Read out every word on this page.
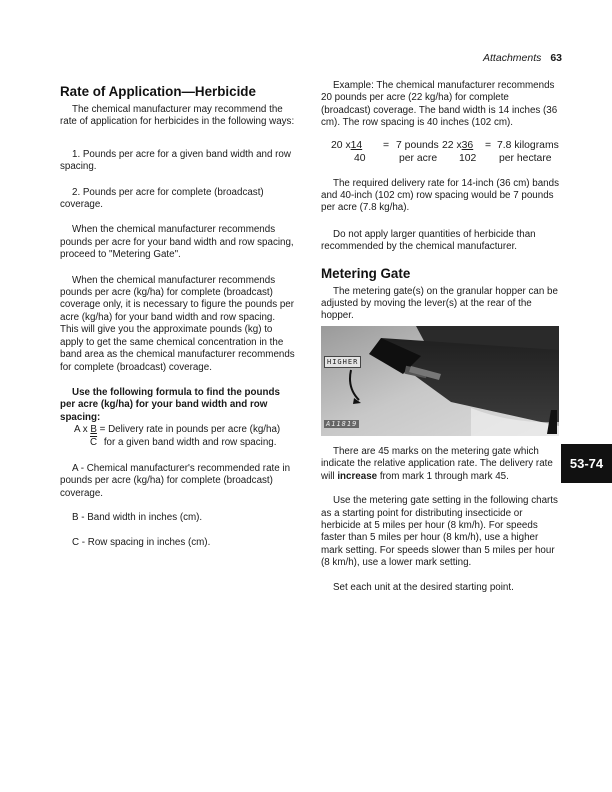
Attachments 63
Rate of Application—Herbicide

The chemical manufacturer may recommend the rate of application for herbicides in the following ways:

1. Pounds per acre for a given band width and row spacing.

2. Pounds per acre for complete (broadcast) coverage.

When the chemical manufacturer recommends pounds per acre for your band width and row spacing, proceed to "Metering Gate".

When the chemical manufacturer recommends pounds per acre (kg/ha) for complete (broadcast) coverage only, it is necessary to figure the pounds per acre (kg/ha) for your band width and row spacing. This will give you the approximate pounds (kg) to apply to get the same chemical concentration in the band area as the chemical manufacturer recommends for complete (broadcast) coverage.

Use the following formula to find the pounds per acre (kg/ha) for your band width and row spacing:

A x B = Delivery rate in pounds per acre (kg/ha)
$\overline{C}$ for a given band width and row spacing.

A - Chemical manufacturer's recommended rate in pounds per acre (kg/ha) for complete (broadcast) coverage.

B - Band width in inches (cm).

C - Row spacing in inches (cm).

Example: The chemical manufacturer recommends 20 pounds per acre (22 kg/ha) for complete (broadcast) coverage. The band width is 14 inches (36 cm). The row spacing is 40 inches (102 cm).

20 x 14
40
= 7 pounds
per acre
22 x 36
102
= 7.8 kilograms
per hectare

The required delivery rate for 14-inch (36 cm) bands and 40-inch (102 cm) row spacing would be 7 pounds per acre (7.8 kg/ha).

Do not apply larger quantities of herbicide than recommended by the chemical manufacturer.

Metering Gate

The metering gate(s) on the granular hopper can be adjusted by moving the lever(s) at the rear of the hopper.

HIGHER
A11819

There are 45 marks on the metering gate which indicate the relative application rate. The delivery rate will increase from mark 1 through mark 45.

Use the metering gate setting in the following charts as a starting point for distributing insecticide or herbicide at 5 miles per hour (8 km/h). For speeds faster than 5 miles per hour (8 km/h), use a higher mark setting. For speeds slower than 5 miles per hour (8 km/h), use a lower mark setting.

Set each unit at the desired starting point.

53-74
